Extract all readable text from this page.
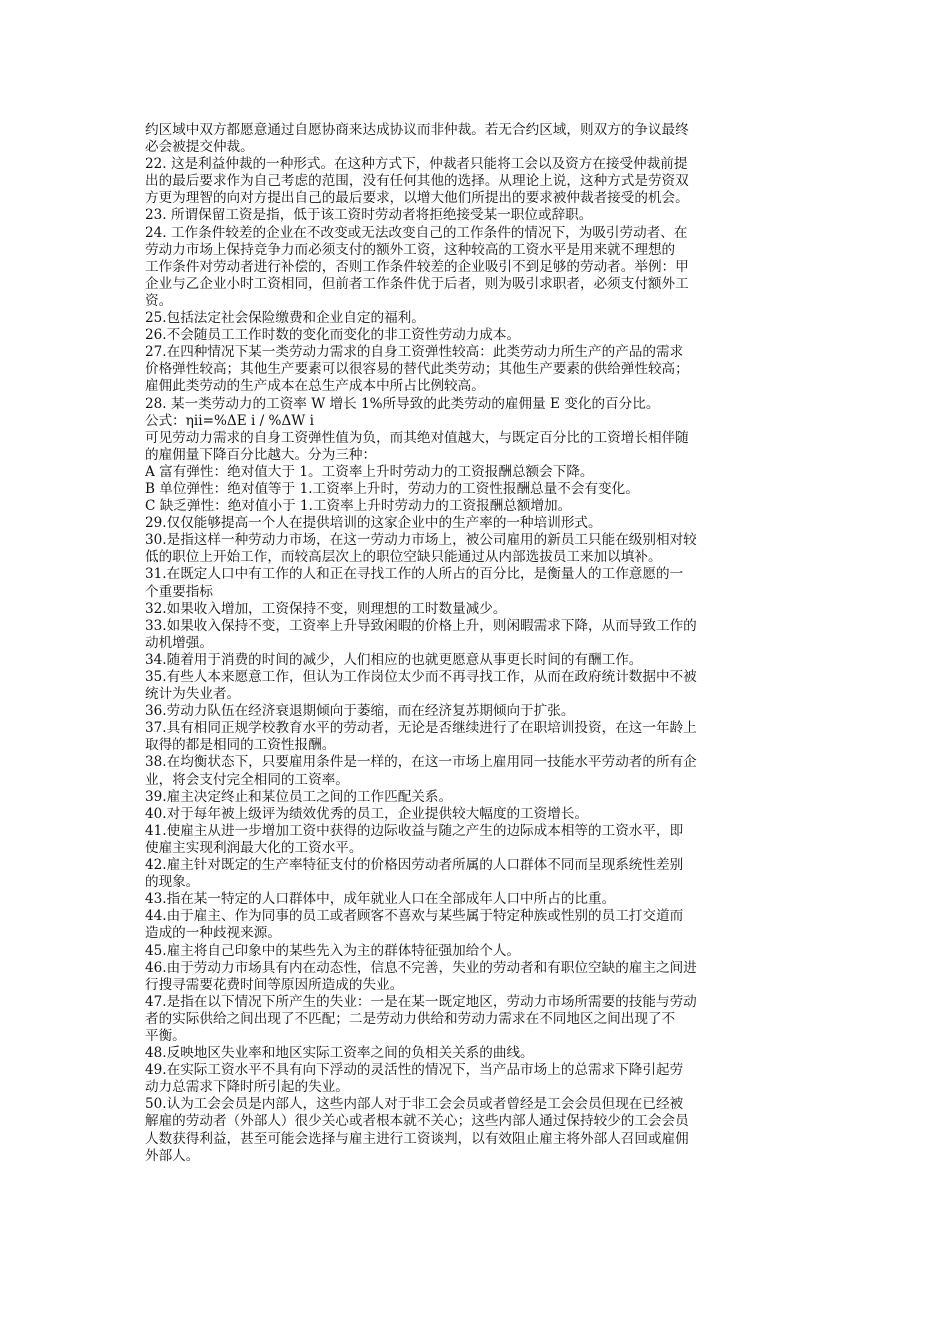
约区域中双方都愿意通过自愿协商来达成协议而非仲裁。若无合约区域，则双方的争议最终
必会被提交仲裁。
22. 这是利益仲裁的一种形式。在这种方式下，仲裁者只能将工会以及资方在接受仲裁前提
出的最后要求作为自己考虑的范围，没有任何其他的选择。从理论上说，这种方式是劳资双
方更为理智的向对方提出自己的最后要求，以增大他们所提出的要求被仲裁者接受的机会。
23. 所谓保留工资是指，低于该工资时劳动者将拒绝接受某一职位或辞职。
24. 工作条件较差的企业在不改变或无法改变自己的工作条件的情况下，为吸引劳动者、在
劳动力市场上保持竞争力而必须支付的额外工资，这种较高的工资水平是用来就不理想的
工作条件对劳动者进行补偿的，否则工作条件较差的企业吸引不到足够的劳动者。举例：甲
企业与乙企业小时工资相同，但前者工作条件优于后者，则为吸引求职者，必须支付额外工
资。
25.包括法定社会保险缴费和企业自定的福利。
26.不会随员工工作时数的变化而变化的非工资性劳动力成本。
27.在四种情况下某一类劳动力需求的自身工资弹性较高：此类劳动力所生产的产品的需求
价格弹性较高；其他生产要素可以很容易的替代此类劳动；其他生产要素的供给弹性较高；
雇佣此类劳动的生产成本在总生产成本中所占比例较高。
28. 某一类劳动力的工资率 W 增长 1%所导致的此类劳动的雇佣量 E 变化的百分比。
公式：ηii=%ΔE i / %ΔW i
可见劳动力需求的自身工资弹性值为负，而其绝对值越大，与既定百分比的工资增长相伴随
的雇佣量下降百分比越大。分为三种：
A 富有弹性：绝对值大于 1。工资率上升时劳动力的工资报酬总额会下降。
B 单位弹性：绝对值等于 1.工资率上升时，劳动力的工资性报酬总量不会有变化。
C 缺乏弹性：绝对值小于 1.工资率上升时劳动力的工资报酬总额增加。
29.仅仅能够提高一个人在提供培训的这家企业中的生产率的一种培训形式。
30.是指这样一种劳动力市场，在这一劳动力市场上，被公司雇用的新员工只能在级别相对较
低的职位上开始工作，而较高层次上的职位空缺只能通过从内部选拔员工来加以填补。
31.在既定人口中有工作的人和正在寻找工作的人所占的百分比，是衡量人的工作意愿的一
个重要指标
32.如果收入增加，工资保持不变，则理想的工时数量减少。
33.如果收入保持不变，工资率上升导致闲暇的价格上升，则闲暇需求下降，从而导致工作的
动机增强。
34.随着用于消费的时间的减少，人们相应的也就更愿意从事更长时间的有酬工作。
35.有些人本来愿意工作，但认为工作岗位太少而不再寻找工作，从而在政府统计数据中不被
统计为失业者。
36.劳动力队伍在经济衰退期倾向于萎缩，而在经济复苏期倾向于扩张。
37.具有相同正规学校教育水平的劳动者，无论是否继续进行了在职培训投资，在这一年龄上
取得的都是相同的工资性报酬。
38.在均衡状态下，只要雇用条件是一样的，在这一市场上雇用同一技能水平劳动者的所有企
业，将会支付完全相同的工资率。
39.雇主决定终止和某位员工之间的工作匹配关系。
40.对于每年被上级评为绩效优秀的员工，企业提供较大幅度的工资增长。
41.使雇主从进一步增加工资中获得的边际收益与随之产生的边际成本相等的工资水平，即
使雇主实现利润最大化的工资水平。
42.雇主针对既定的生产率特征支付的价格因劳动者所属的人口群体不同而呈现系统性差别
的现象。
43.指在某一特定的人口群体中，成年就业人口在全部成年人口中所占的比重。
44.由于雇主、作为同事的员工或者顾客不喜欢与某些属于特定种族或性别的员工打交道而
造成的一种歧视来源。
45.雇主将自己印象中的某些先入为主的群体特征强加给个人。
46.由于劳动力市场具有内在动态性，信息不完善，失业的劳动者和有职位空缺的雇主之间进
行搜寻需要花费时间等原因所造成的失业。
47.是指在以下情况下所产生的失业：一是在某一既定地区，劳动力市场所需要的技能与劳动
者的实际供给之间出现了不匹配；二是劳动力供给和劳动力需求在不同地区之间出现了不
平衡。
48.反映地区失业率和地区实际工资率之间的负相关关系的曲线。
49.在实际工资水平不具有向下浮动的灵活性的情况下，当产品市场上的总需求下降引起劳
动力总需求下降时所引起的失业。
50.认为工会会员是内部人，这些内部人对于非工会会员或者曾经是工会会员但现在已经被
解雇的劳动者（外部人）很少关心或者根本就不关心；这些内部人通过保持较少的工会会员
人数获得利益，甚至可能会选择与雇主进行工资谈判，以有效阻止雇主将外部人召回或雇佣
外部人。
